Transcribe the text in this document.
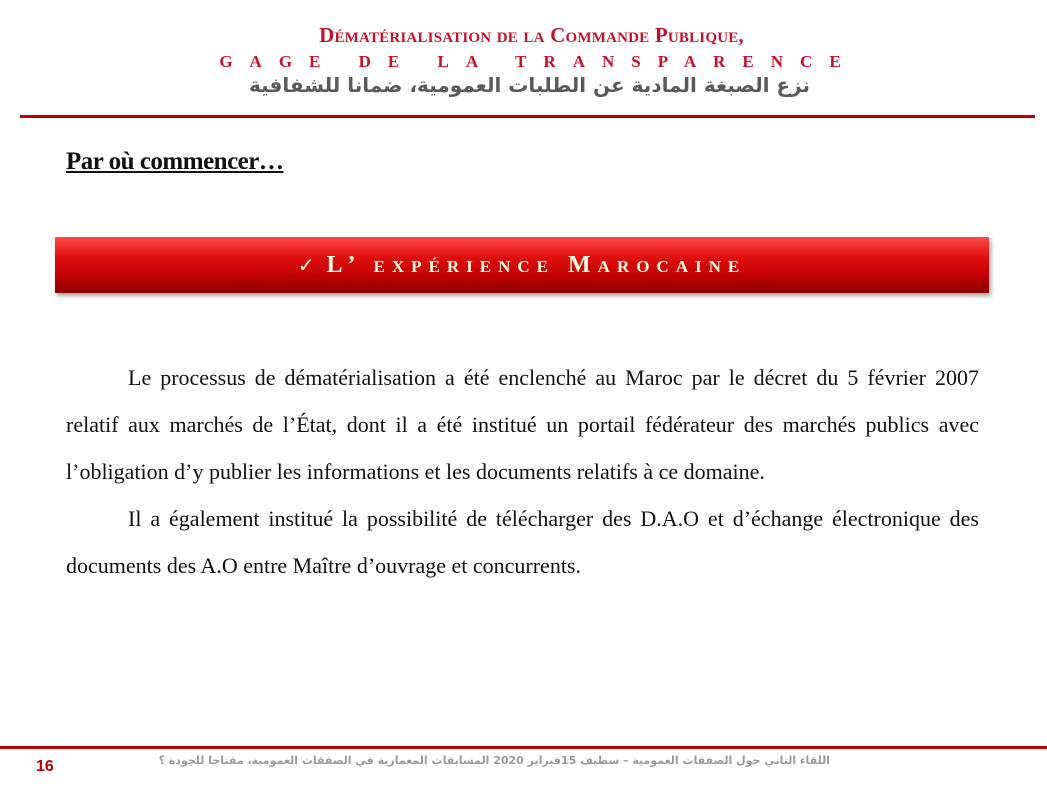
Dématérialisation de la Commande Publique,
GAGE DE LA TRANSPARENCE
نزع الصبغة المادية عن الطلبات العمومية، ضمانا للشفافية
Par où commencer…
✓ L’ expérience Marocaine

Le processus de dématérialisation a été enclenché au Maroc par le décret du 5 février 2007 relatif aux marchés de l’État, dont il a été institué un portail fédérateur des marchés publics avec l’obligation d’y publier les informations et les documents relatifs à ce domaine.

Il a également institué la possibilité de télécharger des D.A.O et d’échange électronique des documents des A.O entre Maître d’ouvrage et concurrents.

16	اللقاء الثاني حول الصفقات العمومية – سطيف 15فبراير 2020 المسابقات المعمارية في الصفقات العمومية، مفتاحا للجودة ؟
